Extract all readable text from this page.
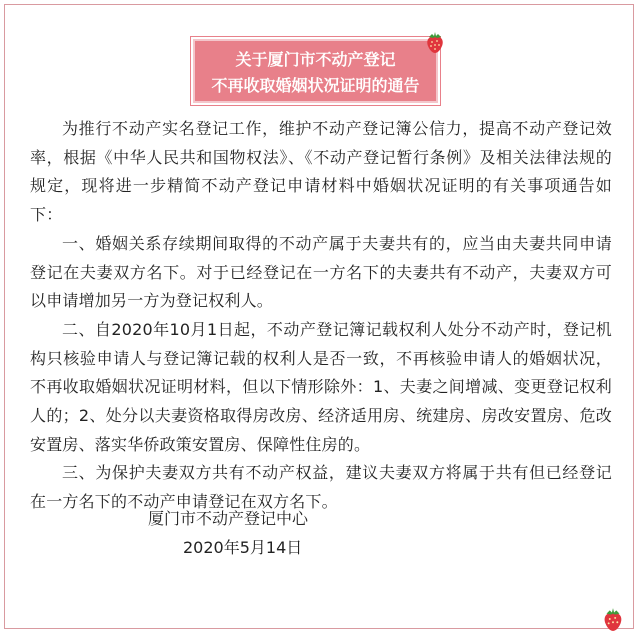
关于厦门市不动产登记
不再收取婚姻状况证明的通告

为推行不动产实名登记工作，维护不动产登记簿公信力，提高不动产登记效率，根据《中华人民共和国物权法》、《不动产登记暂行条例》及相关法律法规的规定，现将进一步精简不动产登记申请材料中婚姻状况证明的有关事项通告如下：

一、婚姻关系存续期间取得的不动产属于夫妻共有的，应当由夫妻共同申请登记在夫妻双方名下。对于已经登记在一方名下的夫妻共有不动产，夫妻双方可以申请增加另一方为登记权利人。

二、自2020年10月1日起，不动产登记簿记载权利人处分不动产时，登记机构只核验申请人与登记簿记载的权利人是否一致，不再核验申请人的婚姻状况，不再收取婚姻状况证明材料，但以下情形除外：1、夫妻之间增减、变更登记权利人的；2、处分以夫妻资格取得房改房、经济适用房、统建房、房改安置房、危改安置房、落实华侨政策安置房、保障性住房的。

三、为保护夫妻双方共有不动产权益，建议夫妻双方将属于共有但已经登记在一方名下的不动产申请登记在双方名下。

厦门市不动产登记中心
2020年5月14日
